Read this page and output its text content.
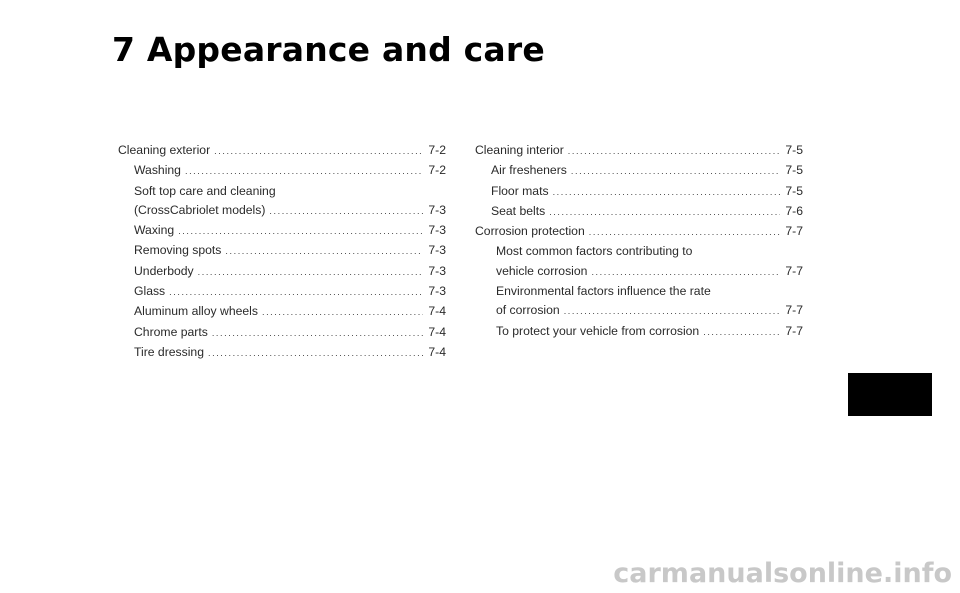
7 Appearance and care
Cleaning exterior .....	7-2
Washing .....	7-2
Soft top care and cleaning
(CrossCabriolet models) .....	7-3
Waxing .....	7-3
Removing spots .....	7-3
Underbody .....	7-3
Glass .....	7-3
Aluminum alloy wheels .....	7-4
Chrome parts .....	7-4
Tire dressing .....	7-4
Cleaning interior .....	7-5
Air fresheners .....	7-5
Floor mats .....	7-5
Seat belts .....	7-6
Corrosion protection .....	7-7
Most common factors contributing to
vehicle corrosion .....	7-7
Environmental factors influence the rate
of corrosion .....	7-7
To protect your vehicle from corrosion .....	7-7
carmanualsonline.info
